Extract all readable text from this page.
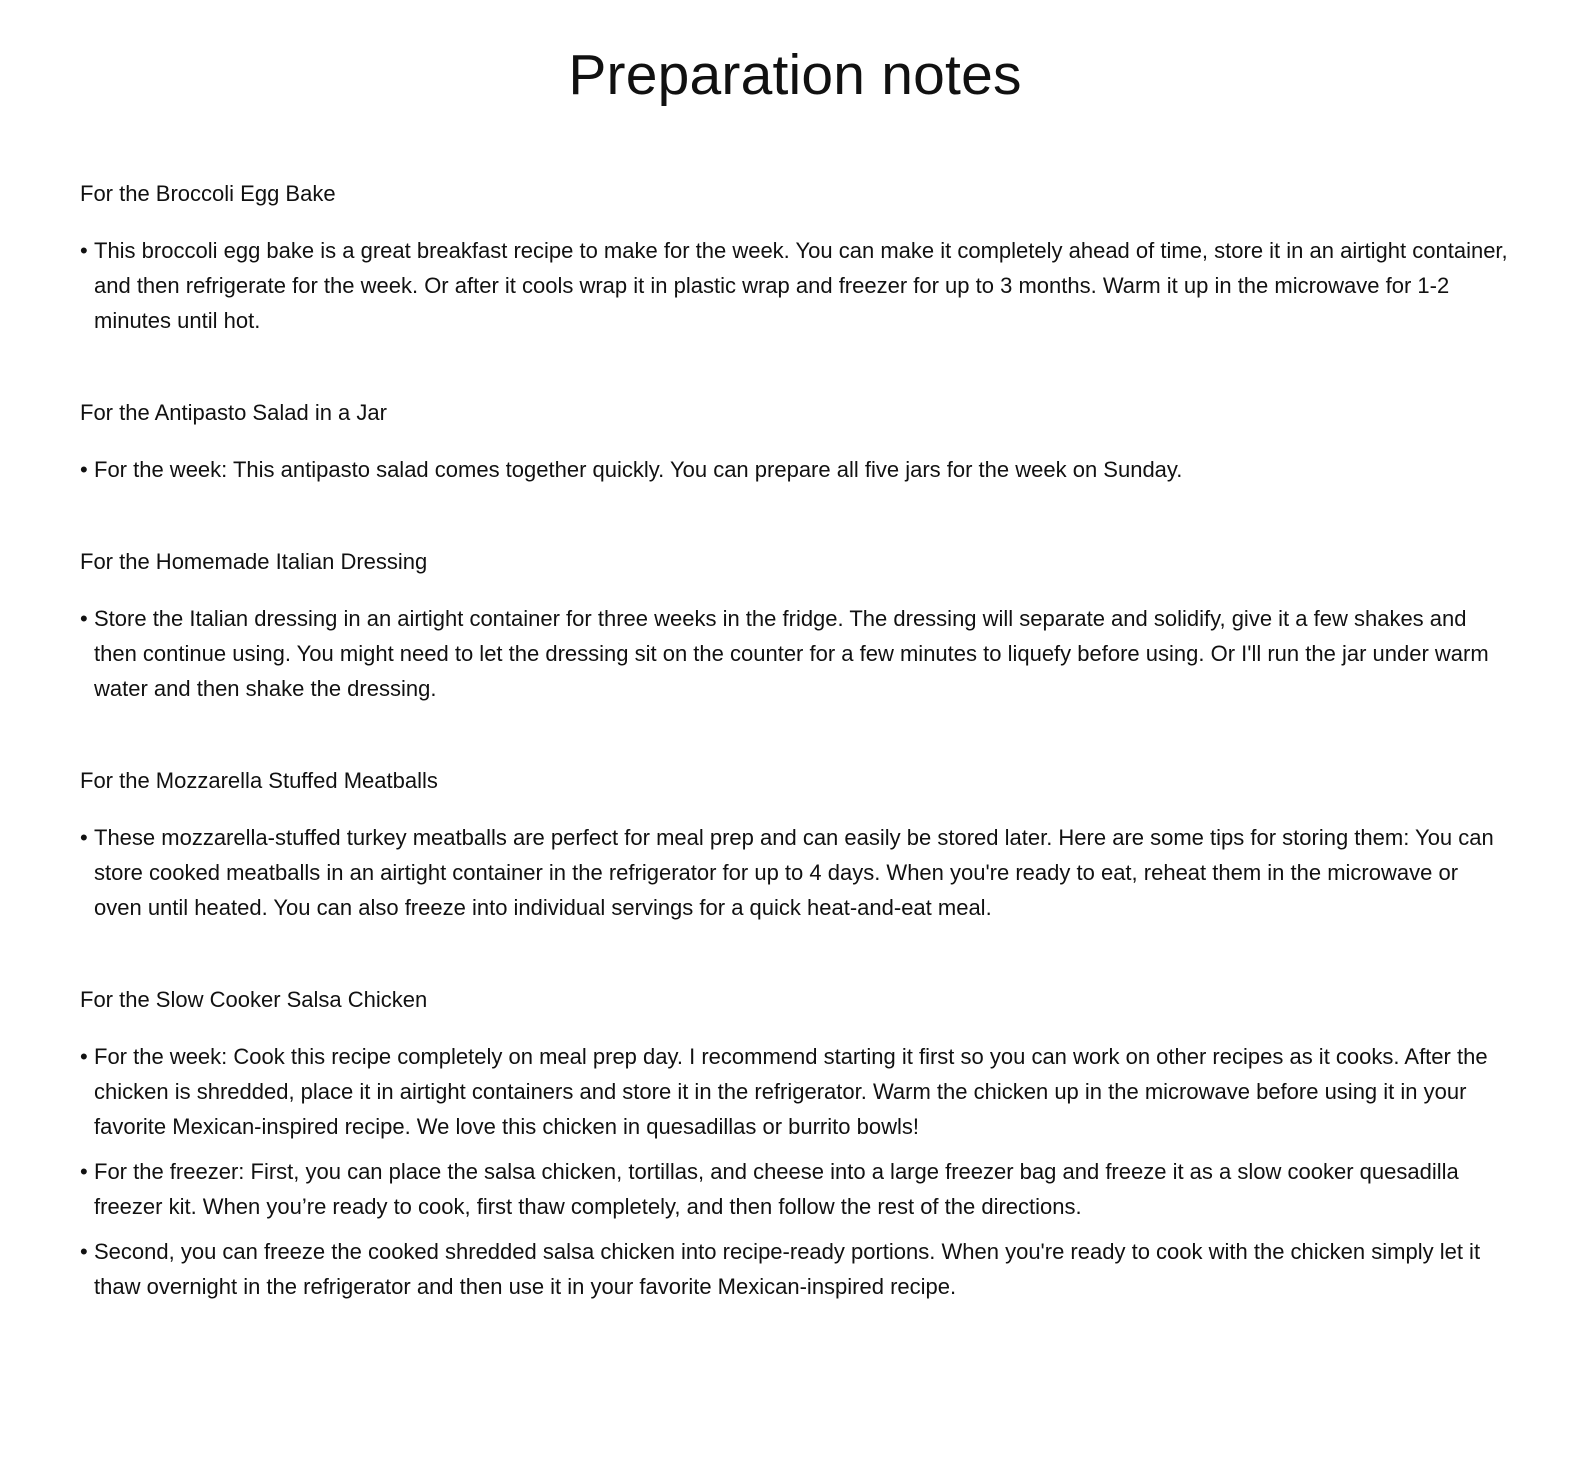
Preparation notes
For the Broccoli Egg Bake
• This broccoli egg bake is a great breakfast recipe to make for the week. You can make it completely ahead of time, store it in an airtight container, and then refrigerate for the week. Or after it cools wrap it in plastic wrap and freezer for up to 3 months. Warm it up in the microwave for 1-2 minutes until hot.
For the Antipasto Salad in a Jar
• For the week: This antipasto salad comes together quickly. You can prepare all five jars for the week on Sunday.
For the Homemade Italian Dressing
• Store the Italian dressing in an airtight container for three weeks in the fridge. The dressing will separate and solidify, give it a few shakes and then continue using. You might need to let the dressing sit on the counter for a few minutes to liquefy before using. Or I'll run the jar under warm water and then shake the dressing.
For the Mozzarella Stuffed Meatballs
• These mozzarella-stuffed turkey meatballs are perfect for meal prep and can easily be stored later. Here are some tips for storing them: You can store cooked meatballs in an airtight container in the refrigerator for up to 4 days. When you're ready to eat, reheat them in the microwave or oven until heated. You can also freeze into individual servings for a quick heat-and-eat meal.
For the Slow Cooker Salsa Chicken
• For the week: Cook this recipe completely on meal prep day. I recommend starting it first so you can work on other recipes as it cooks. After the chicken is shredded, place it in airtight containers and store it in the refrigerator. Warm the chicken up in the microwave before using it in your favorite Mexican-inspired recipe. We love this chicken in quesadillas or burrito bowls!
• For the freezer: First, you can place the salsa chicken, tortillas, and cheese into a large freezer bag and freeze it as a slow cooker quesadilla freezer kit. When you’re ready to cook, first thaw completely, and then follow the rest of the directions.
• Second, you can freeze the cooked shredded salsa chicken into recipe-ready portions. When you're ready to cook with the chicken simply let it thaw overnight in the refrigerator and then use it in your favorite Mexican-inspired recipe.
